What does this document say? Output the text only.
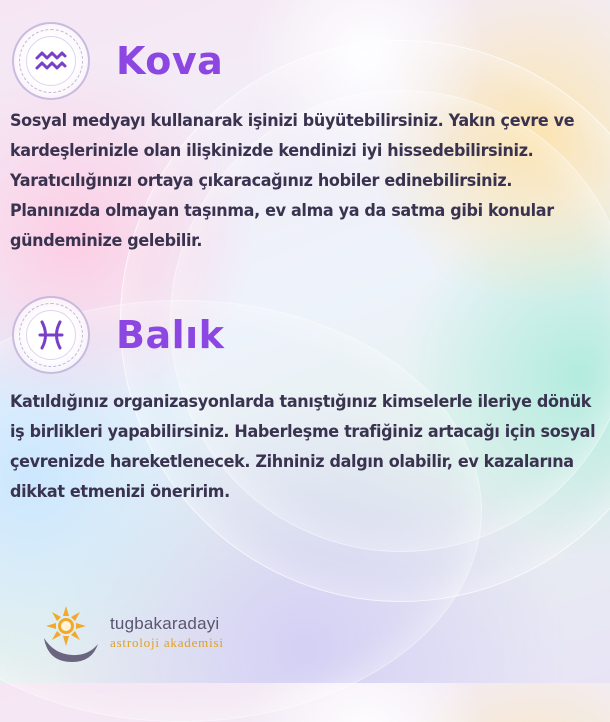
Kova

Sosyal medyayı kullanarak işinizi büyütebilirsiniz. Yakın çevre ve kardeşlerinizle olan ilişkinizde kendinizi iyi hissedebilirsiniz. Yaratıcılığınızı ortaya çıkaracağınız hobiler edinebilirsiniz. Planınızda olmayan taşınma, ev alma ya da satma gibi konular gündeminize gelebilir.

Balık

Katıldığınız organizasyonlarda tanıştığınız kimselerle ileriye dönük iş birlikleri yapabilirsiniz. Haberleşme trafiğiniz artacağı için sosyal çevrenizde hareketlenecek. Zihniniz dalgın olabilir, ev kazalarına dikkat etmenizi öneririm.

tugbakaradayi
astroloji akademisi
